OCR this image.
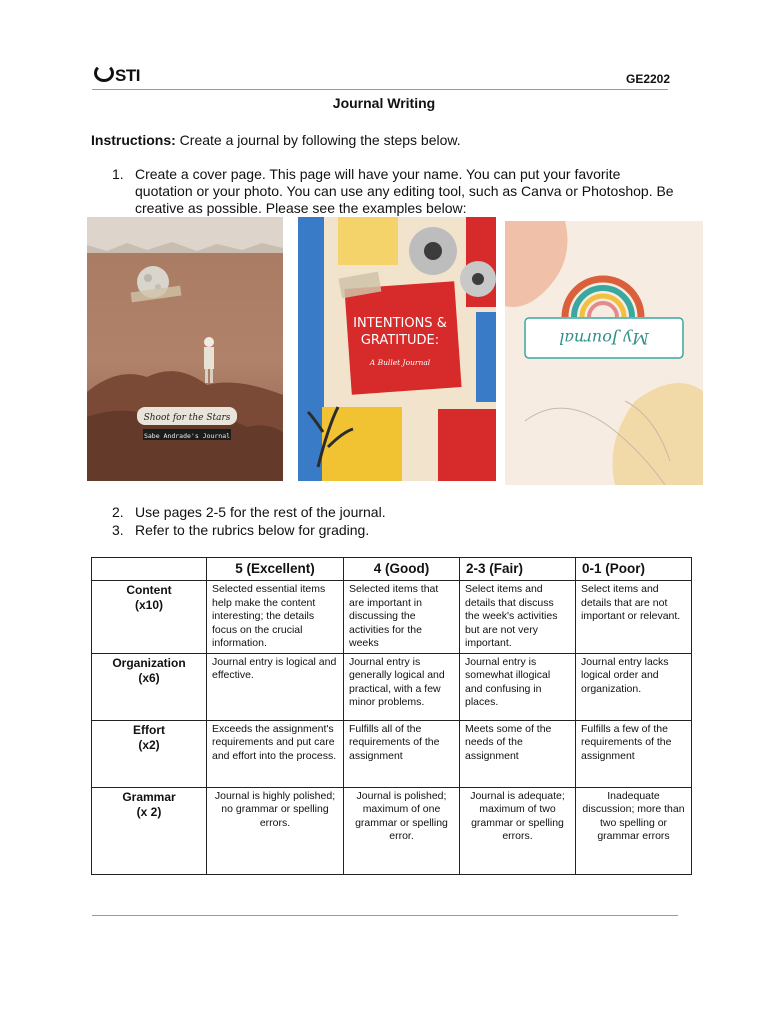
STI	GE2202
Journal Writing
Instructions: Create a journal by following the steps below.
1. Create a cover page. This page will have your name. You can put your favorite quotation or your photo. You can use any editing tool, such as Canva or Photoshop. Be creative as possible. Please see the examples below:
Shoot for the Stars
Sabe Andrade's Journal
INTENTIONS &
GRATITUDE:
A Bullet Journal
My Journal
2. Use pages 2-5 for the rest of the journal.
3. Refer to the rubrics below for grading.
	5 (Excellent)	4 (Good)	2-3 (Fair)	0-1 (Poor)

Content
(x10)	Selected essential items help make the content interesting; the details focus on the crucial information.	Selected items that are important in discussing the activities for the weeks	Select items and details that discuss the week's activities but are not very important.	Select items and details that are not important or relevant.

Organization
(x6)	Journal entry is logical and effective.	Journal entry is generally logical and practical, with a few minor problems.	Journal entry is somewhat illogical and confusing in places.	Journal entry lacks logical order and organization.

Effort
(x2)	Exceeds the assignment's requirements and put care and effort into the process.	Fulfills all of the requirements of the assignment	Meets some of the needs of the assignment	Fulfills a few of the requirements of the assignment

Grammar
(x 2)	Journal is highly polished; no grammar or spelling errors.	Journal is polished; maximum of one grammar or spelling error.	Journal is adequate; maximum of two grammar or spelling errors.	Inadequate discussion; more than two spelling or grammar errors
